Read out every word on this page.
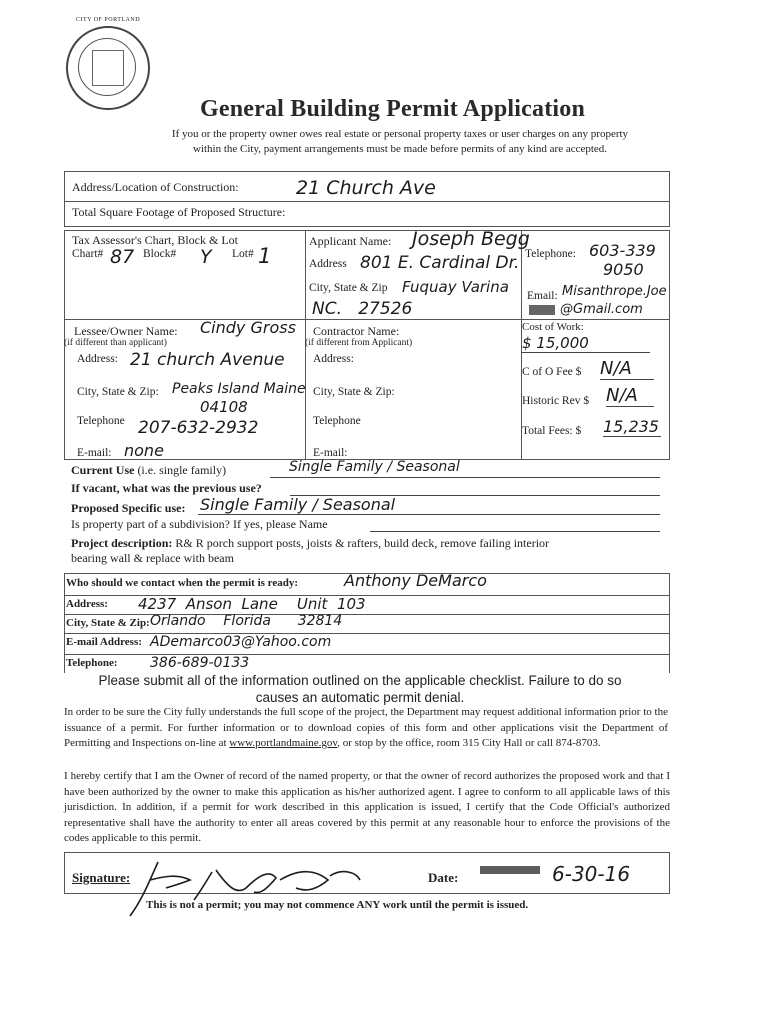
CITY OF PORTLAND
General Building Permit Application
If you or the property owner owes real estate or personal property taxes or user charges on any property
within the City, payment arrangements must be made before permits of any kind are accepted.
Address/Location of Construction:	21 Church Ave
Total Square Footage of Proposed Structure:
Tax Assessor's Chart, Block & Lot
Chart# 87 Block# Y Lot# 1
Applicant Name: Joseph Begg
Address 801 E. Cardinal Dr.
City, State & Zip Fuquay Varina
NC.   27526
Telephone: 603-339
9050
Email: Misanthrope.Joe
@Gmail.com
Lessee/Owner Name: Cindy Gross
(if different than applicant)
Address: 21 church Avenue
City, State & Zip: Peaks Island Maine
04108
Telephone 207-632-2932
E-mail: none
Contractor Name:
(if different from Applicant)
Address:
City, State & Zip:
Telephone
E-mail:
Cost of Work:
$ 15,000
C of O Fee $ N/A
Historic Rev $ N/A
Total Fees: $ 15,235
Current Use (i.e. single family)	Single Family / Seasonal
If vacant, what was the previous use?
Proposed Specific use: Single Family / Seasonal
Is property part of a subdivision? If yes, please Name
Project description: R& R porch support posts, joists & rafters, build deck, remove failing interior
bearing wall & replace with beam
Who should we contact when the permit is ready:	Anthony DeMarco
Address: 4237  Anson  Lane    Unit  103
City, State & Zip: Orlando    Florida      32814
E-mail Address: ADemarco03@Yahoo.com
Telephone: 386-689-0133
Please submit all of the information outlined on the applicable checklist. Failure to do so
causes an automatic permit denial.
In order to be sure the City fully understands the full scope of the project, the Department may request additional information prior to the issuance of a permit. For further information or to download copies of this form and other applications visit the Department of Permitting and Inspections on-line at www.portlandmaine.gov, or stop by the office, room 315 City Hall or call 874-8703.
I hereby certify that I am the Owner of record of the named property, or that the owner of record authorizes the proposed work and that I have been authorized by the owner to make this application as his/her authorized agent. I agree to conform to all applicable laws of this jurisdiction. In addition, if a permit for work described in this application is issued, I certify that the Code Official's authorized representative shall have the authority to enter all areas covered by this permit at any reasonable hour to enforce the provisions of the codes applicable to this permit.
Signature:	Date:	6-30-16
This is not a permit; you may not commence ANY work until the permit is issued.
